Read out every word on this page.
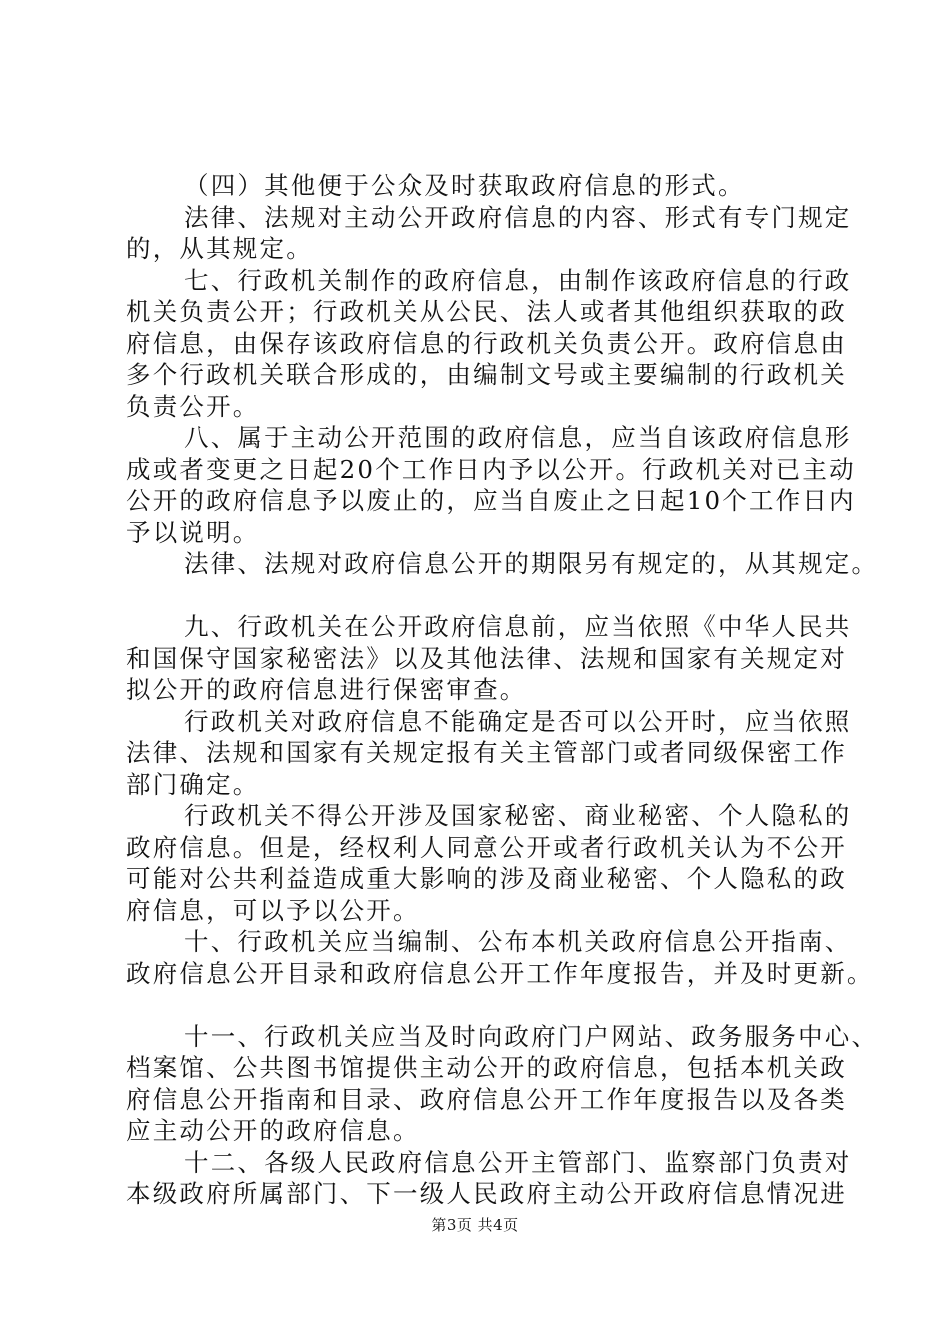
（四）其他便于公众及时获取政府信息的形式。
法律、法规对主动公开政府信息的内容、形式有专门规定
的，从其规定。
七、行政机关制作的政府信息，由制作该政府信息的行政
机关负责公开；行政机关从公民、法人或者其他组织获取的政
府信息，由保存该政府信息的行政机关负责公开。政府信息由
多个行政机关联合形成的，由编制文号或主要编制的行政机关
负责公开。
八、属于主动公开范围的政府信息，应当自该政府信息形
成或者变更之日起20个工作日内予以公开。行政机关对已主动
公开的政府信息予以废止的，应当自废止之日起10个工作日内
予以说明。
法律、法规对政府信息公开的期限另有规定的，从其规定。
九、行政机关在公开政府信息前，应当依照《中华人民共
和国保守国家秘密法》以及其他法律、法规和国家有关规定对
拟公开的政府信息进行保密审查。
行政机关对政府信息不能确定是否可以公开时，应当依照
法律、法规和国家有关规定报有关主管部门或者同级保密工作
部门确定。
行政机关不得公开涉及国家秘密、商业秘密、个人隐私的
政府信息。但是，经权利人同意公开或者行政机关认为不公开
可能对公共利益造成重大影响的涉及商业秘密、个人隐私的政
府信息，可以予以公开。
十、行政机关应当编制、公布本机关政府信息公开指南、
政府信息公开目录和政府信息公开工作年度报告，并及时更新。
十一、行政机关应当及时向政府门户网站、政务服务中心、
档案馆、公共图书馆提供主动公开的政府信息，包括本机关政
府信息公开指南和目录、政府信息公开工作年度报告以及各类
应主动公开的政府信息。
十二、各级人民政府信息公开主管部门、监察部门负责对
本级政府所属部门、下一级人民政府主动公开政府信息情况进
第3页 共4页
